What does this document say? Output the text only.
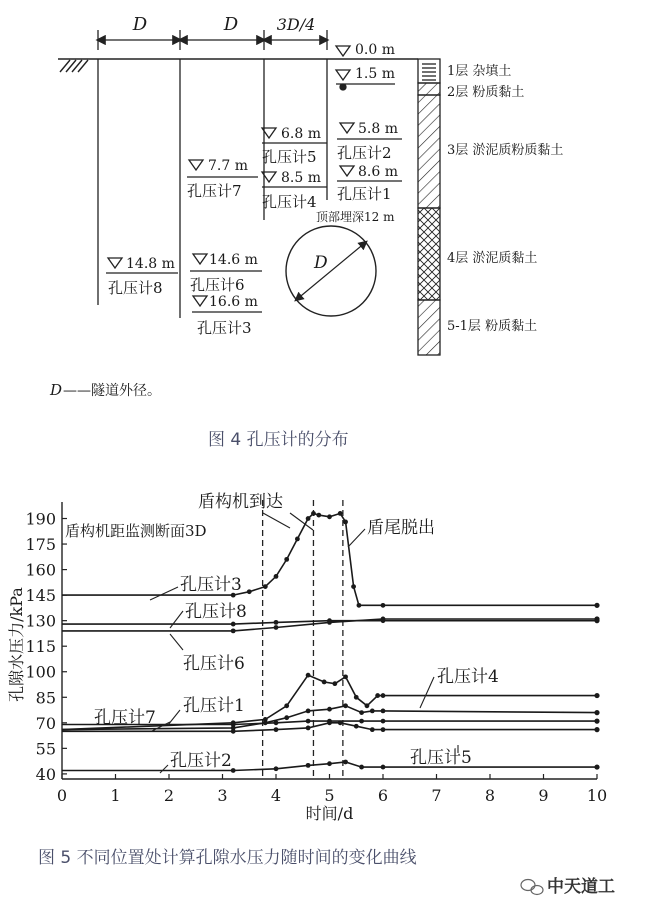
D	D 3D/4
0.0 m
1.5 m
5.8 m
孔压计2
8.6 m
孔压计1
6.8 m
孔压计5
8.5 m
孔压计4
7.7 m
孔压计7
14.6 m
孔压计6
16.6 m
孔压计3
14.8 m
孔压计8
顶部埋深12 m
D
1层 杂填土
2层 粉质黏土
3层 淤泥质粉质黏土
4层 淤泥质黏土
5-1层 粉质黏土
D ——隧道外径。
图 4 孔压计的分布
40
55
70
85
100
115
130
145
160
175
190
0	1	2	3	4	5	6	7	8	9 10
时间/d
孔隙水压力/kPa
盾构机到达
盾构机距监测断面3D	盾尾脱出
孔压计3
孔压计8
孔压计6
孔压计4
孔压计1
孔压计7
孔压计2	孔压计5
图 5 不同位置处计算孔隙水压力随时间的变化曲线
中天道工
